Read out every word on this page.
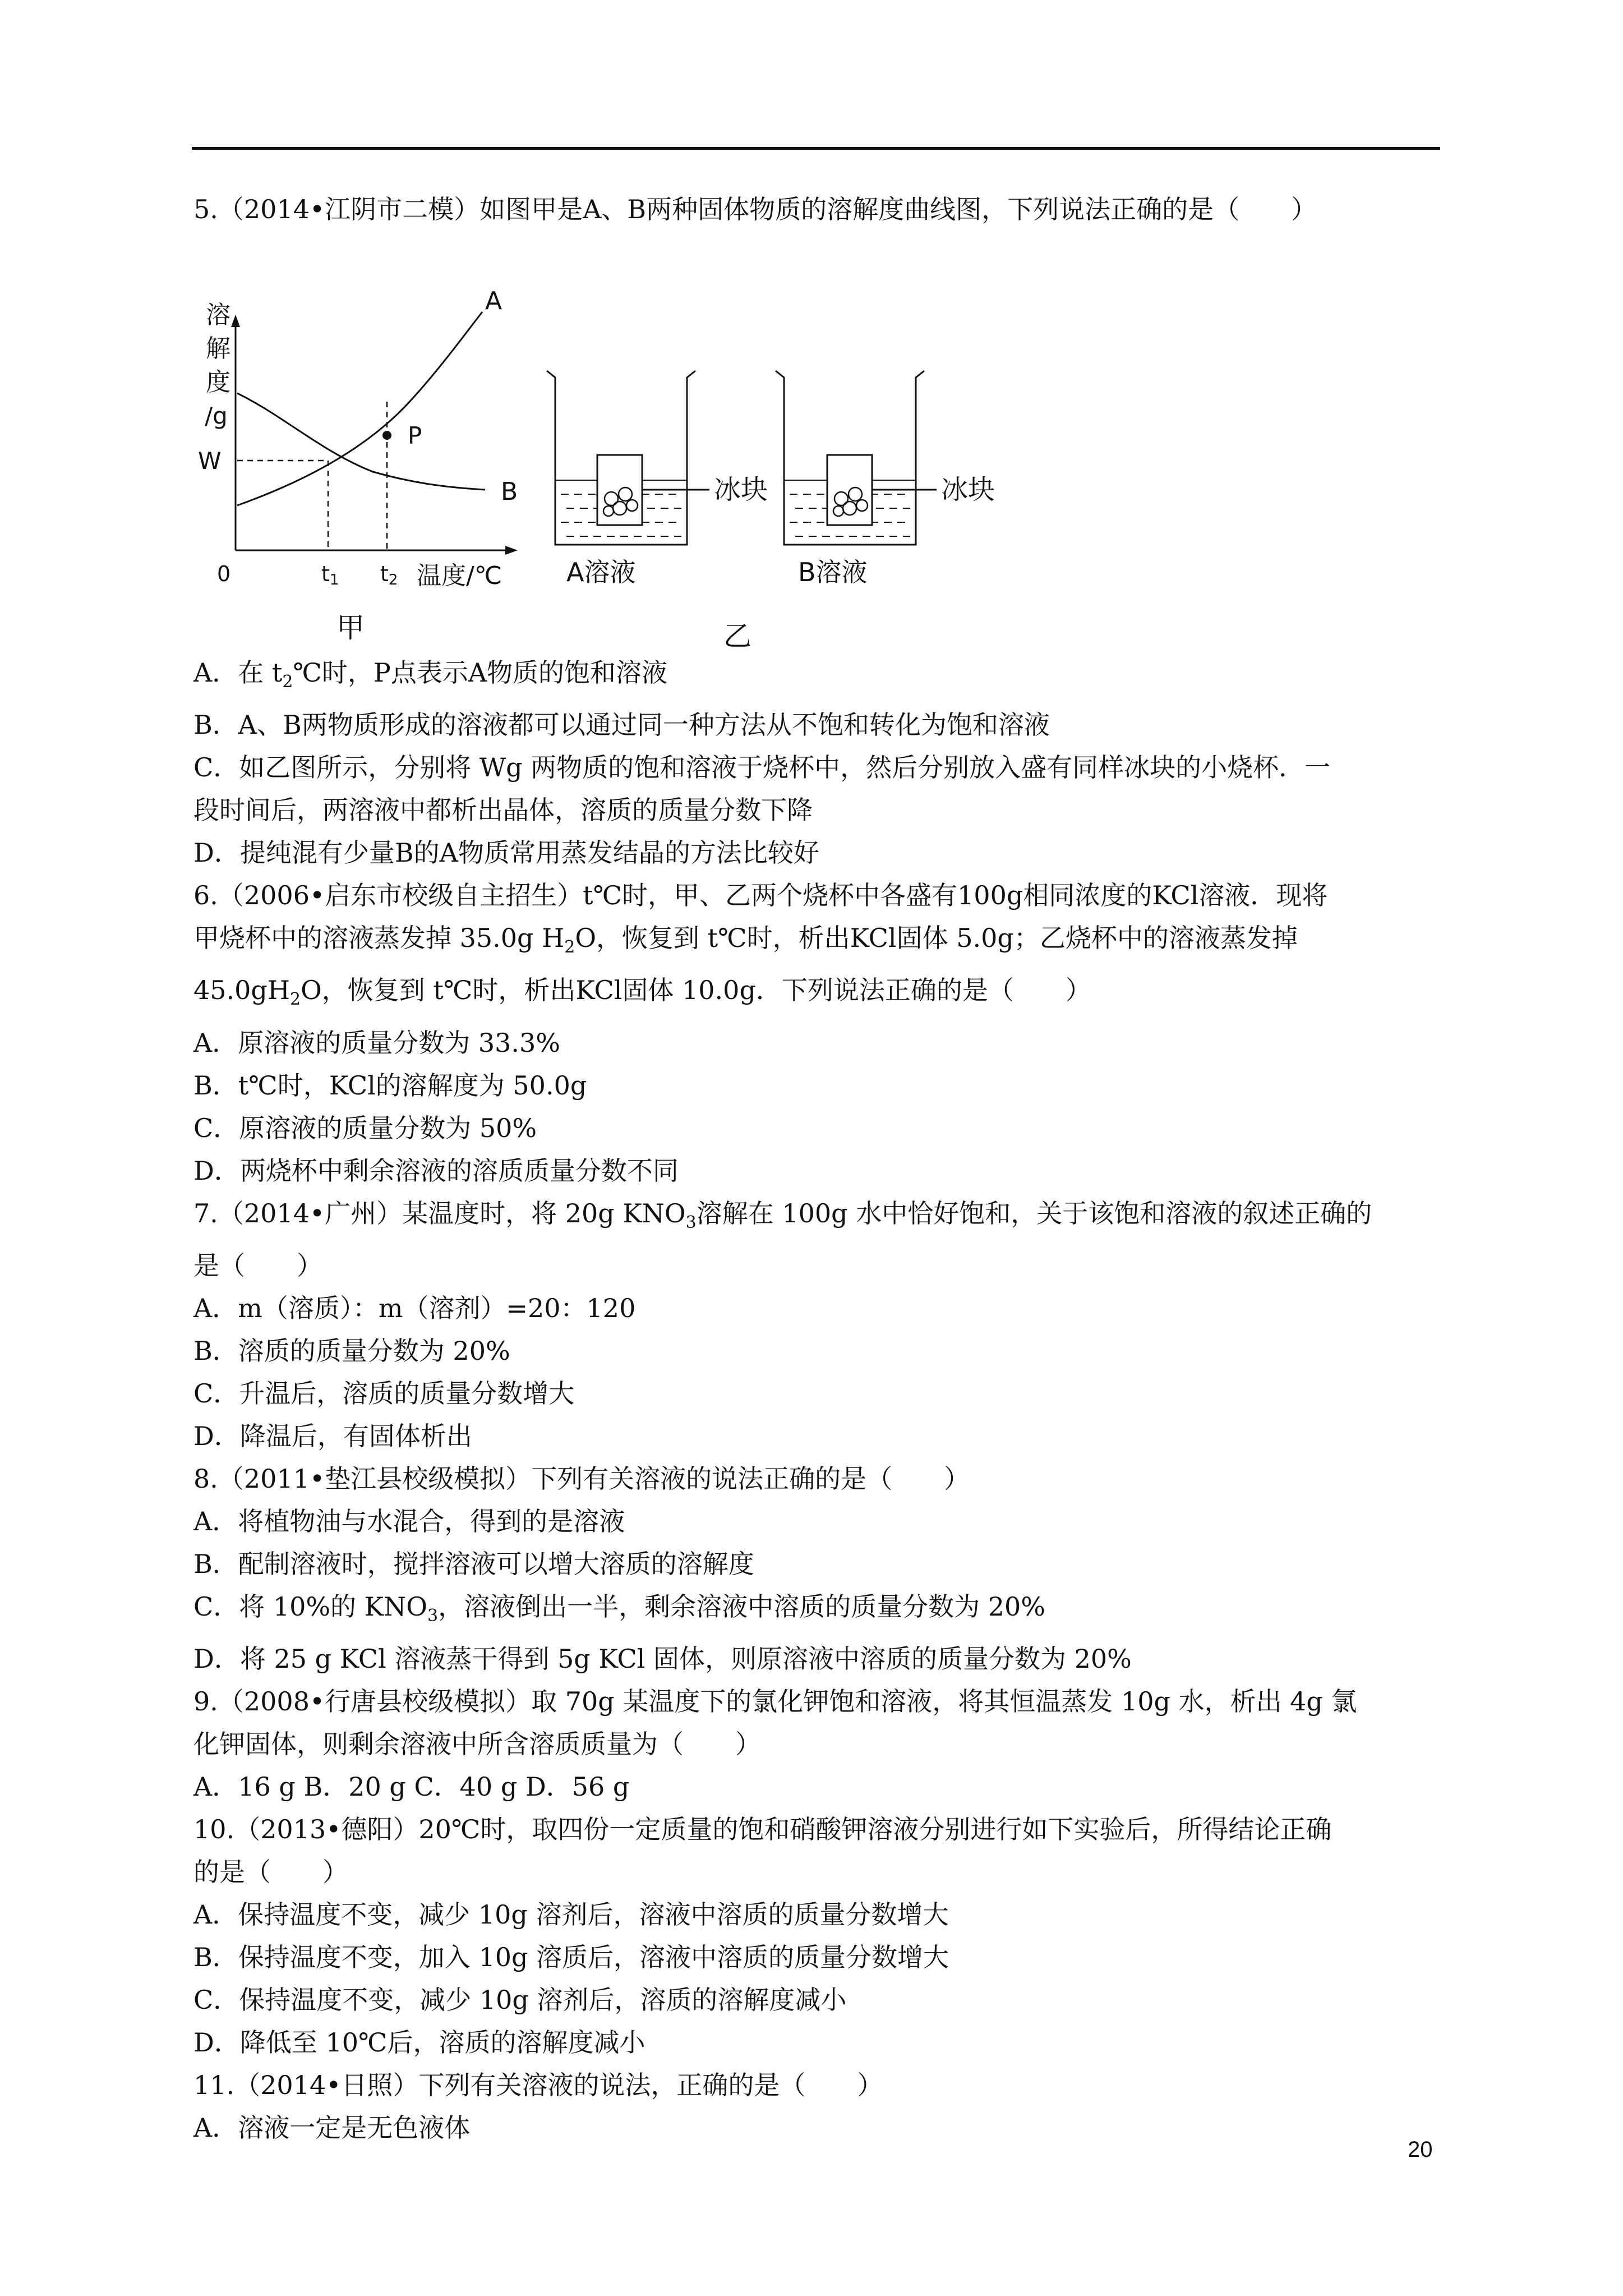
5.（2014•江阴市二模）如图甲是A、B两种固体物质的溶解度曲线图，下列说法正确的是（　　）
溶
解
度
/g
W
0
A
B
P
t1 t2 温度/℃
甲
冰块
A溶液
冰块
B溶液
乙
A．在 $t_2℃$时，P点表示A物质的饱和溶液
B．A、B两物质形成的溶液都可以通过同一种方法从不饱和转化为饱和溶液
C．如乙图所示，分别将 Wg 两物质的饱和溶液于烧杯中，然后分别放入盛有同样冰块的小烧杯．一
段时间后，两溶液中都析出晶体，溶质的质量分数下降
D．提纯混有少量B的A物质常用蒸发结晶的方法比较好
6.（2006•启东市校级自主招生）t℃时，甲、乙两个烧杯中各盛有100g相同浓度的KCl溶液．现将
甲烧杯中的溶液蒸发掉 35.0g $H_2O$，恢复到 t℃时，析出KCl固体 5.0g；乙烧杯中的溶液蒸发掉
$45.0gH_2O$，恢复到 t℃时，析出KCl固体 10.0g．下列说法正确的是（　　）
A．原溶液的质量分数为 33.3%
B．t℃时，KCl的溶解度为 50.0g
C．原溶液的质量分数为 50%
D．两烧杯中剩余溶液的溶质质量分数不同
7.（2014•广州）某温度时，将 20g $KNO_3$溶解在 100g 水中恰好饱和，关于该饱和溶液的叙述正确的
是（　　）
A．m（溶质）：m（溶剂）=20：120
B．溶质的质量分数为 20%
C．升温后，溶质的质量分数增大
D．降温后，有固体析出
8.（2011•垫江县校级模拟）下列有关溶液的说法正确的是（　　）
A．将植物油与水混合，得到的是溶液
B．配制溶液时，搅拌溶液可以增大溶质的溶解度
C．将 10%的 $KNO_3$，溶液倒出一半，剩余溶液中溶质的质量分数为 20%
D．将 25 g KCl 溶液蒸干得到 5g KCl 固体，则原溶液中溶质的质量分数为 20%
9.（2008•行唐县校级模拟）取 70g 某温度下的氯化钾饱和溶液，将其恒温蒸发 10g 水，析出 4g 氯
化钾固体，则剩余溶液中所含溶质质量为（　　）
A．16 g B．20 g C．40 g D．56 g
10.（2013•德阳）20℃时，取四份一定质量的饱和硝酸钾溶液分别进行如下实验后，所得结论正确
的是（　　）
A．保持温度不变，减少 10g 溶剂后，溶液中溶质的质量分数增大
B．保持温度不变，加入 10g 溶质后，溶液中溶质的质量分数增大
C．保持温度不变，减少 10g 溶剂后，溶质的溶解度减小
D．降低至 10℃后，溶质的溶解度减小
11.（2014•日照）下列有关溶液的说法，正确的是（　　）
A．溶液一定是无色液体
20
